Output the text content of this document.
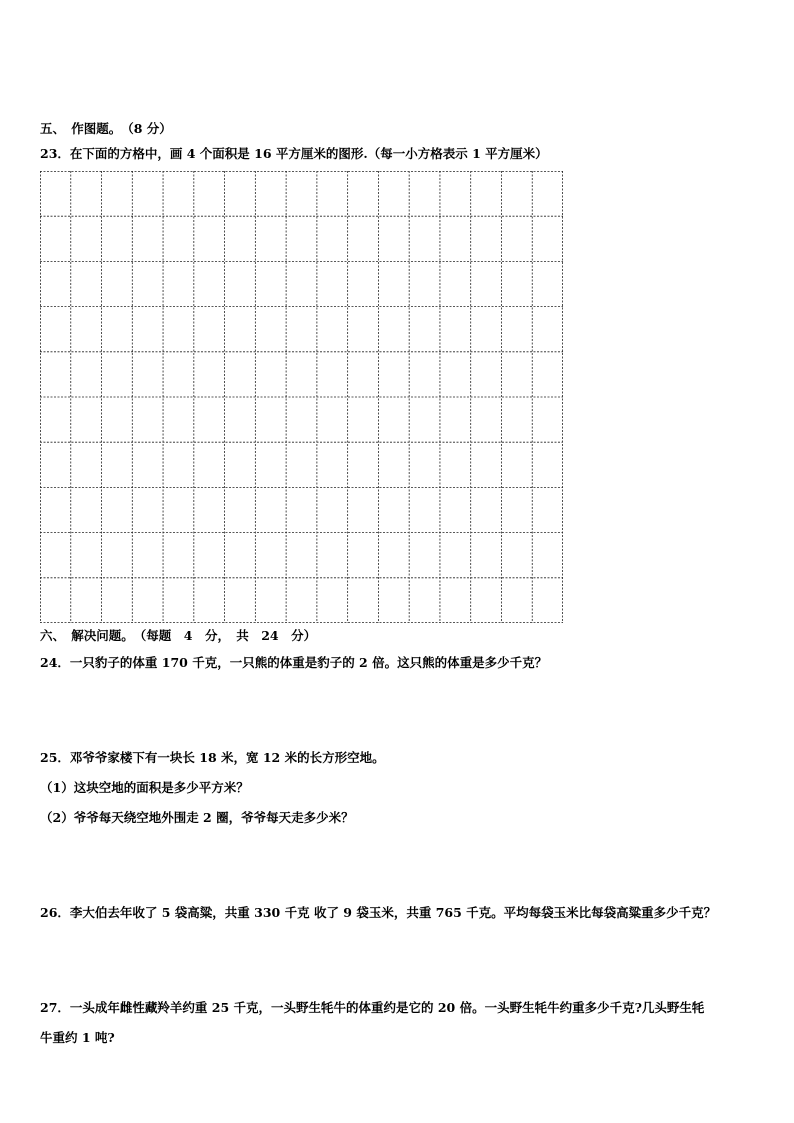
五、　作图题。　（8 分）
23．在下面的方格中，画 4 个面积是 16 平方厘米的图形.（每一小方格表示 1 平方厘米）
六、　解决问题。　（每题　4　分，　共　24　分）
24．一只豹子的体重 170 千克，一只熊的体重是豹子的 2 倍。这只熊的体重是多少千克？
25．邓爷爷家楼下有一块长 18 米，宽 12 米的长方形空地。
（1）这块空地的面积是多少平方米？
（2）爷爷每天绕空地外围走 2 圈，爷爷每天走多少米？
26．李大伯去年收了 5 袋高粱，共重 330 千克 收了 9 袋玉米，共重 765 千克。平均每袋玉米比每袋高粱重多少千克？
27．一头成年雌性藏羚羊约重 25 千克，一头野生牦牛的体重约是它的 20 倍。一头野生牦牛约重多少千克?几头野生牦
牛重约 1 吨?
